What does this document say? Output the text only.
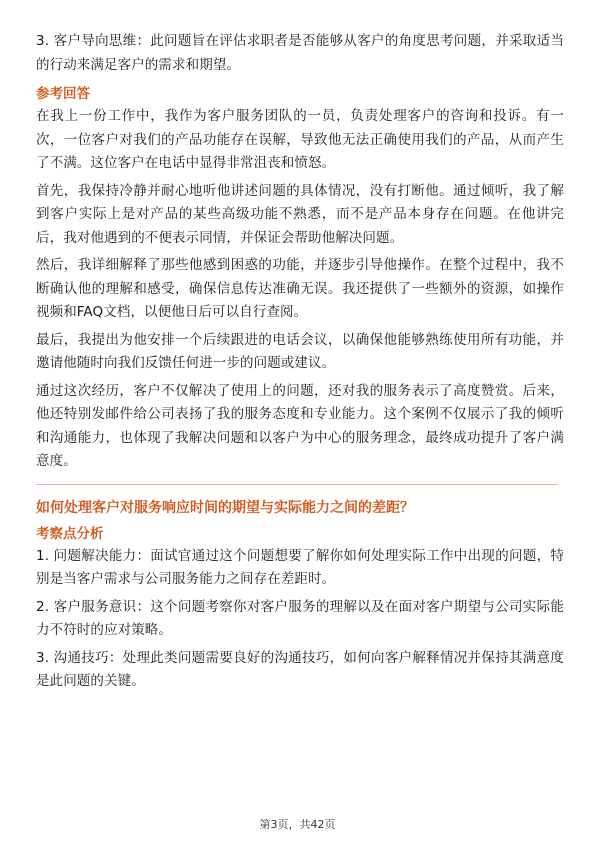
3. 客户导向思维：此问题旨在评估求职者是否能够从客户的角度思考问题，并采取适当的行动来满足客户的需求和期望。

参考回答

在我上一份工作中，我作为客户服务团队的一员，负责处理客户的咨询和投诉。有一次，一位客户对我们的产品功能存在误解，导致他无法正确使用我们的产品，从而产生了不满。这位客户在电话中显得非常沮丧和愤怒。

首先，我保持冷静并耐心地听他讲述问题的具体情况，没有打断他。通过倾听，我了解到客户实际上是对产品的某些高级功能不熟悉，而不是产品本身存在问题。在他讲完后，我对他遇到的不便表示同情，并保证会帮助他解决问题。

然后，我详细解释了那些他感到困惑的功能，并逐步引导他操作。在整个过程中，我不断确认他的理解和感受，确保信息传达准确无误。我还提供了一些额外的资源，如操作视频和FAQ文档，以便他日后可以自行查阅。

最后，我提出为他安排一个后续跟进的电话会议，以确保他能够熟练使用所有功能，并邀请他随时向我们反馈任何进一步的问题或建议。

通过这次经历，客户不仅解决了使用上的问题，还对我的服务表示了高度赞赏。后来，他还特别发邮件给公司表扬了我的服务态度和专业能力。这个案例不仅展示了我的倾听和沟通能力，也体现了我解决问题和以客户为中心的服务理念，最终成功提升了客户满意度。

如何处理客户对服务响应时间的期望与实际能力之间的差距？
考察点分析

1. 问题解决能力：面试官通过这个问题想要了解你如何处理实际工作中出现的问题，特别是当客户需求与公司服务能力之间存在差距时。

2. 客户服务意识：这个问题考察你对客户服务的理解以及在面对客户期望与公司实际能力不符时的应对策略。

3. 沟通技巧：处理此类问题需要良好的沟通技巧，如何向客户解释情况并保持其满意度是此问题的关键。

第3页，共42页
